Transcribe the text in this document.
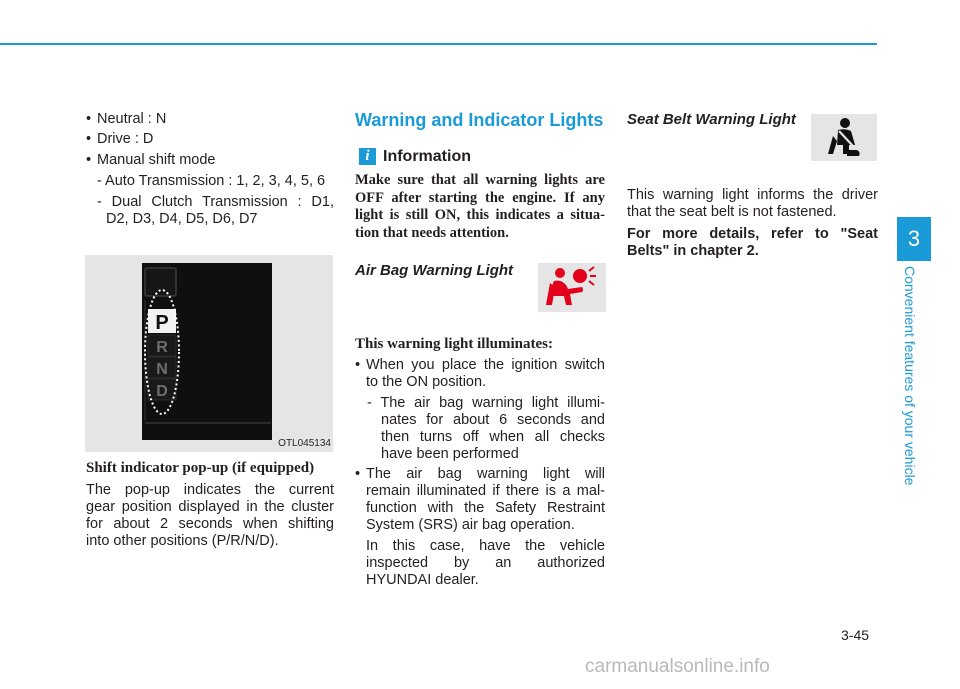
• Neutral : N
• Drive : D
• Manual shift mode
- Auto Transmission : 1, 2, 3, 4, 5, 6
- Dual Clutch Transmission : D1,
D2, D3, D4, D5, D6, D7
P
R
N
D
OTL045134
Shift indicator pop-up (if equipped)
The pop-up indicates the current
gear position displayed in the cluster
for about 2 seconds when shifting
into other positions (P/R/N/D).
Warning and Indicator Lights
i Information
Make sure that all warning lights are
OFF after starting the engine. If any
light is still ON, this indicates a situa-
tion that needs attention.
Air Bag Warning Light
This warning light illuminates:
• When you place the ignition switch
to the ON position.
- The air bag warning light illumi-
nates for about 6 seconds and
then turns off when all checks
have been performed
• The air bag warning light will
remain illuminated if there is a mal-
function with the Safety Restraint
System (SRS) air bag operation.
In this case, have the vehicle
inspected by an authorized
HYUNDAI dealer.
Seat Belt Warning Light
This warning light informs the driver
that the seat belt is not fastened.
For more details, refer to "Seat
Belts" in chapter 2.	3
Convenient features of your vehicle
3-45
carmanualsonline.info
